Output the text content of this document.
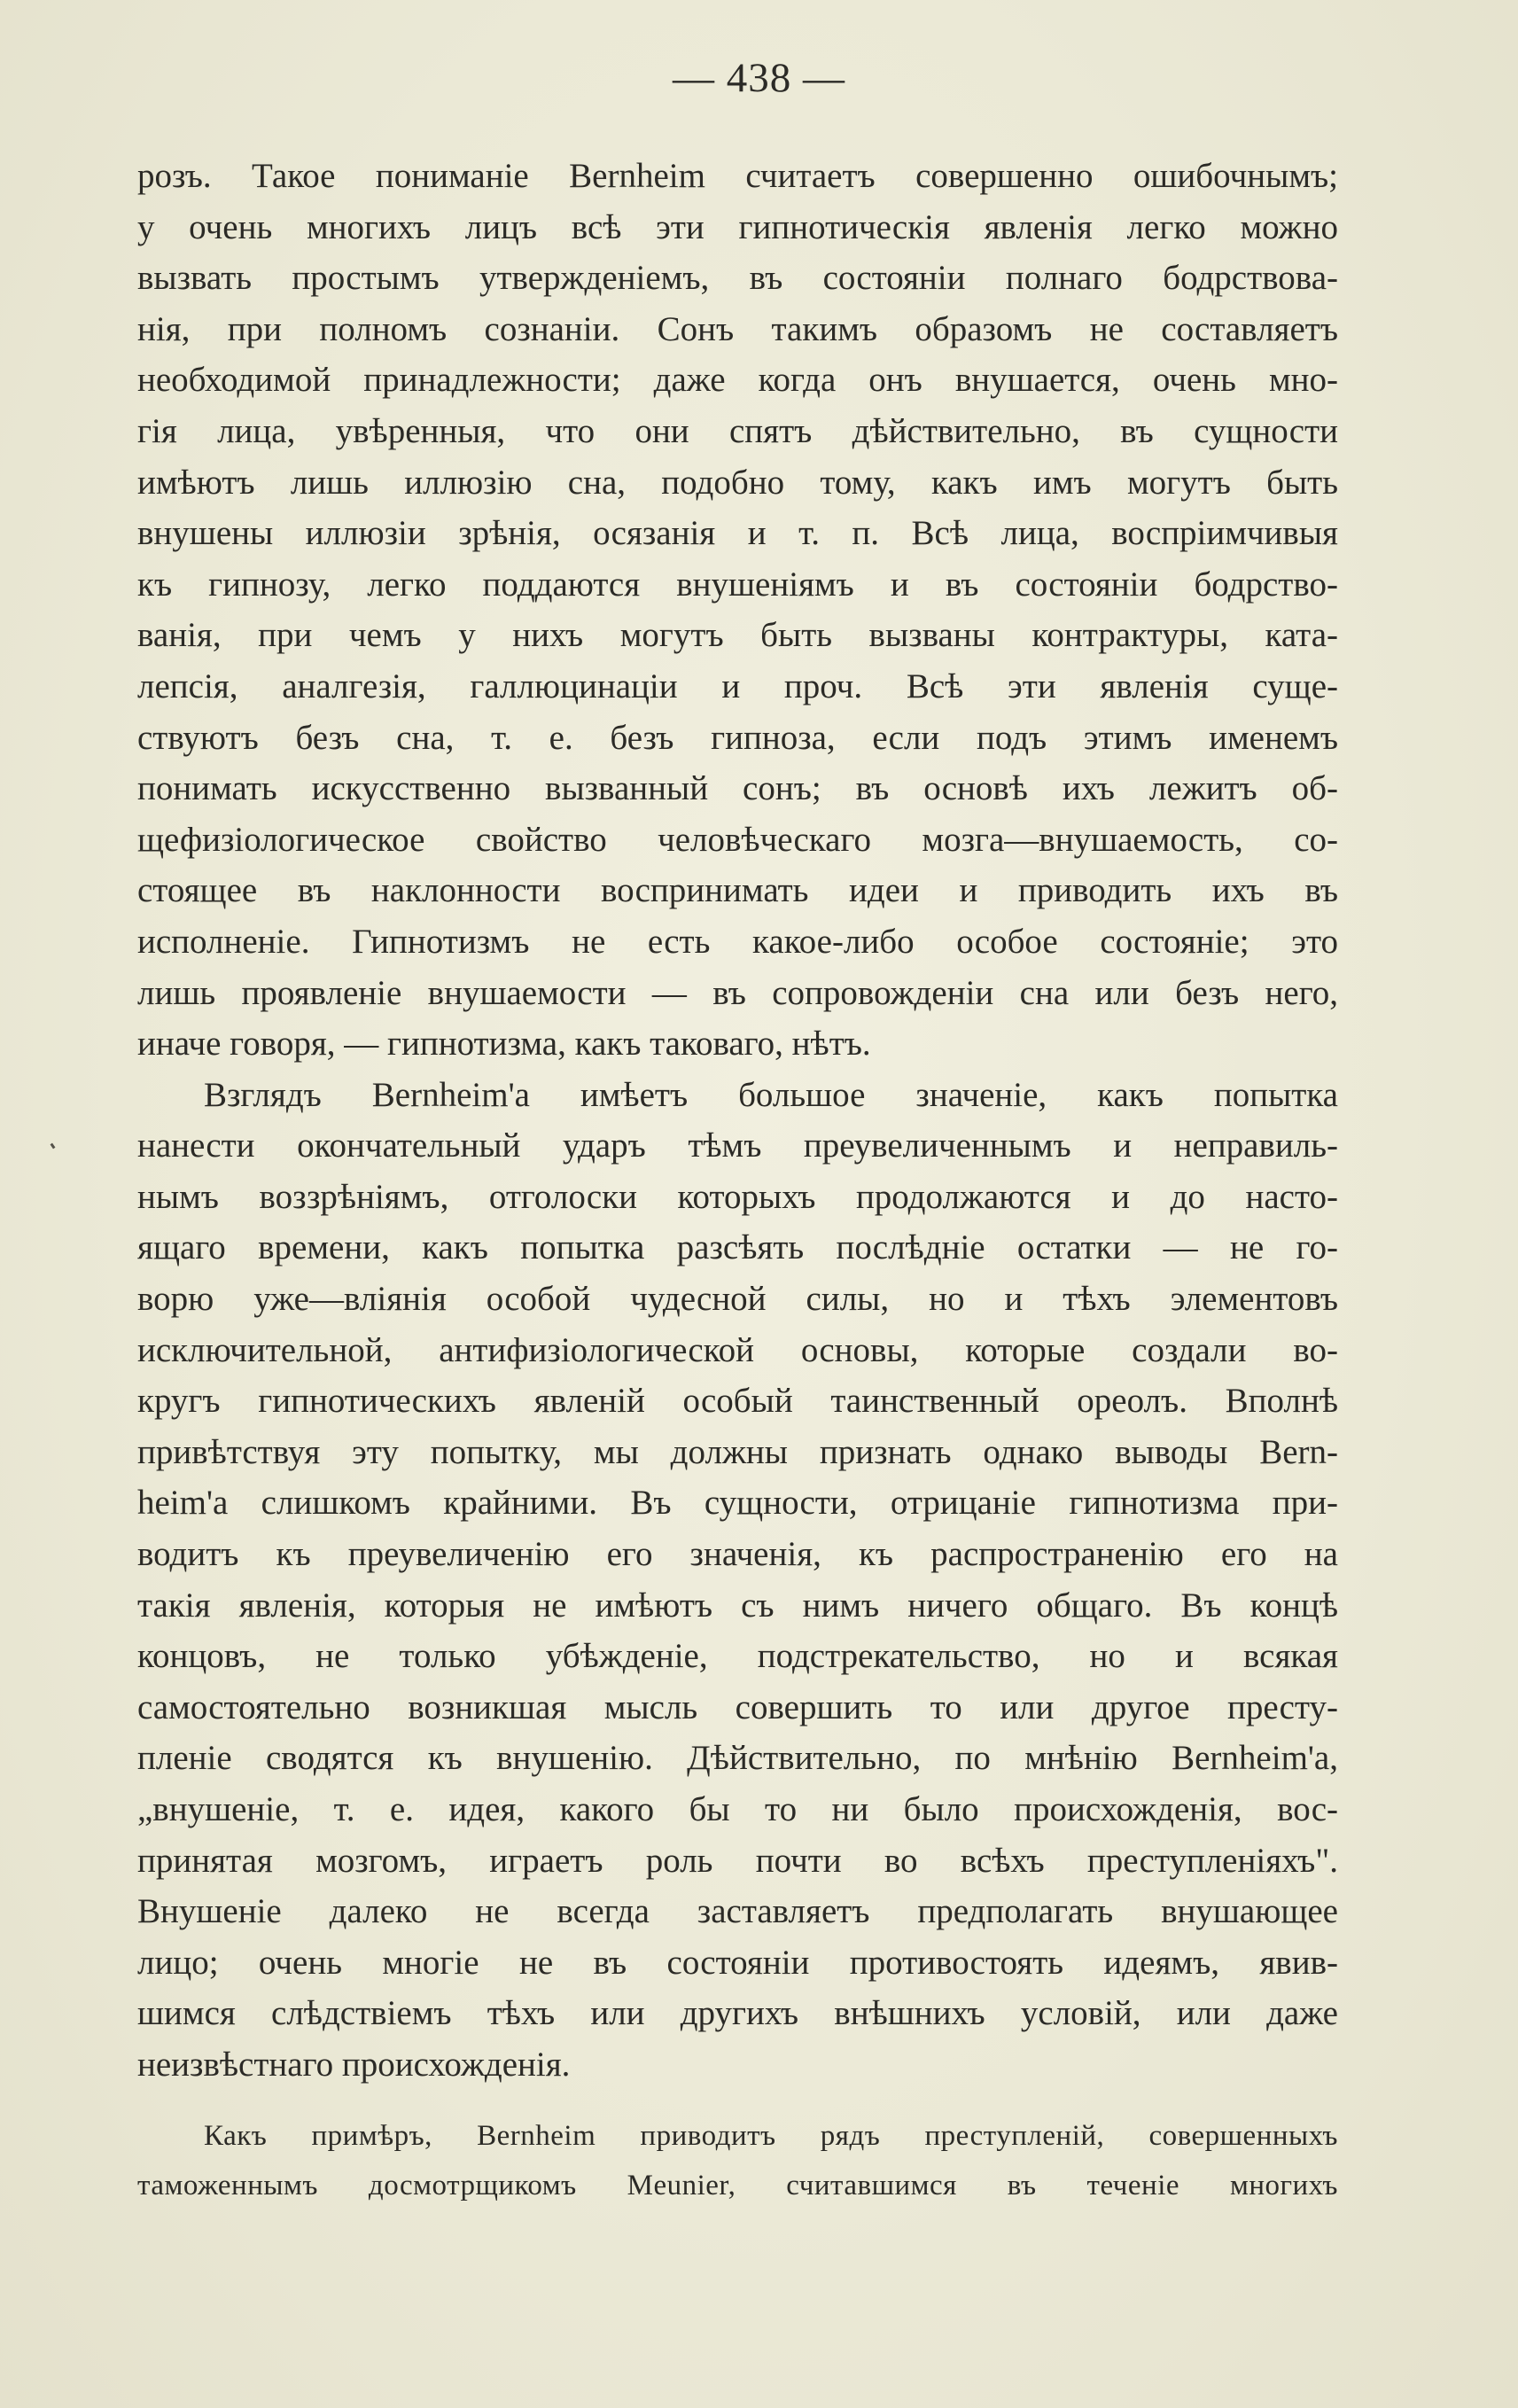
— 438 —
розъ. Такое пониманіе Bernheim считаетъ совершенно ошибочнымъ;
у очень многихъ лицъ всѣ эти гипнотическія явленія легко можно
вызвать простымъ утвержденіемъ, въ состояніи полнаго бодрствова-
нія, при полномъ сознаніи. Сонъ такимъ образомъ не составляетъ
необходимой принадлежности; даже когда онъ внушается, очень мно-
гія лица, увѣренныя, что они спятъ дѣйствительно, въ сущности
имѣютъ лишь иллюзію сна, подобно тому, какъ имъ могутъ быть
внушены иллюзіи зрѣнія, осязанія и т. п. Всѣ лица, воспріимчивыя
къ гипнозу, легко поддаются внушеніямъ и въ состояніи бодрство-
ванія, при чемъ у нихъ могутъ быть вызваны контрактуры, ката-
лепсія, аналгезія, галлюцинаціи и проч. Всѣ эти явленія суще-
ствуютъ безъ сна, т. е. безъ гипноза, если подъ этимъ именемъ
понимать искусственно вызванный сонъ; въ основѣ ихъ лежитъ об-
щефизіологическое свойство человѣческаго мозга—внушаемость, со-
стоящее въ наклонности воспринимать идеи и приводить ихъ въ
исполненіе. Гипнотизмъ не есть какое-либо особое состояніе; это
лишь проявленіе внушаемости — въ сопровожденіи сна или безъ него,
иначе говоря, — гипнотизма, какъ таковаго, нѣтъ.
Взглядъ Bernheim'а имѣетъ большое значеніе, какъ попытка
нанести окончательный ударъ тѣмъ преувеличеннымъ и неправиль-
нымъ воззрѣніямъ, отголоски которыхъ продолжаются и до насто-
ящаго времени, какъ попытка разсѣять послѣдніе остатки — не го-
ворю уже—вліянія особой чудесной силы, но и тѣхъ элементовъ
исключительной, антифизіологической основы, которые создали во-
кругъ гипнотическихъ явленій особый таинственный ореолъ. Вполнѣ
привѣтствуя эту попытку, мы должны признать однако выводы Bern-
heim'а слишкомъ крайними. Въ сущности, отрицаніе гипнотизма при-
водитъ къ преувеличенію его значенія, къ распространенію его на
такія явленія, которыя не имѣютъ съ нимъ ничего общаго. Въ концѣ
концовъ, не только убѣжденіе, подстрекательство, но и всякая
самостоятельно возникшая мысль совершить то или другое престу-
пленіе сводятся къ внушенію. Дѣйствительно, по мнѣнію Bernheim'а,
„внушеніе, т. е. идея, какого бы то ни было происхожденія, вос-
принятая мозгомъ, играетъ роль почти во всѣхъ преступленіяхъ".
Внушеніе далеко не всегда заставляетъ предполагать внушающее
лицо; очень многіе не въ состояніи противостоять идеямъ, явив-
шимся слѣдствіемъ тѣхъ или другихъ внѣшнихъ условій, или даже
неизвѣстнаго происхожденія.
Какъ примѣръ, Bernheim приводитъ рядъ преступленій, совершенныхъ
таможеннымъ досмотрщикомъ Meunier, считавшимся въ теченіе многихъ
